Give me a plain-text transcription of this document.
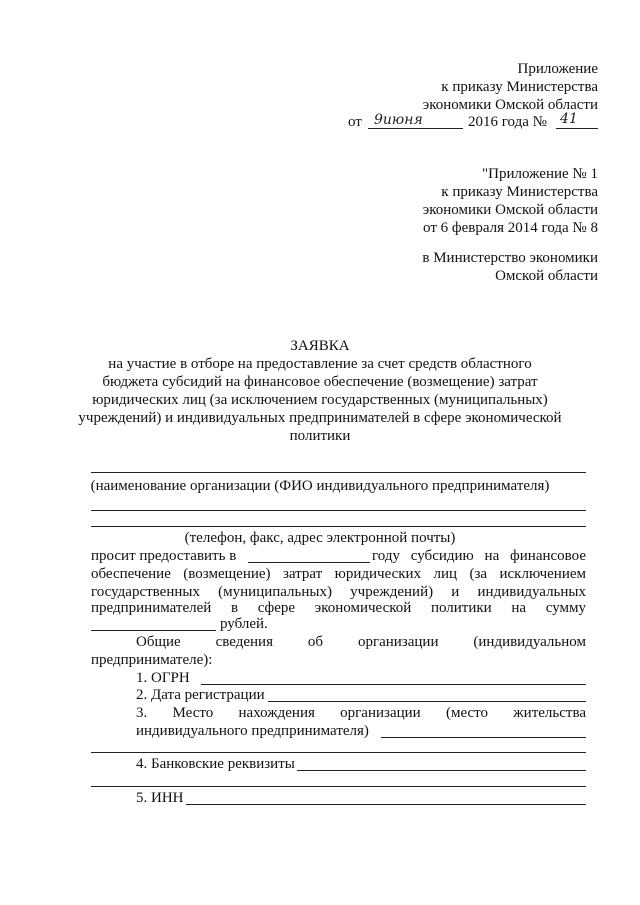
Приложение
к приказу Министерства
экономики Омской области
от 9июня	2016 года № 41
"Приложение № 1
к приказу Министерства
экономики Омской области
от 6 февраля 2014 года № 8
в Министерство экономики
Омской области
ЗАЯВКА
на участие в отборе на предоставление за счет средств областного
бюджета субсидий на финансовое обеспечение (возмещение) затрат
юридических лиц (за исключением государственных (муниципальных)
учреждений) и индивидуальных предпринимателей в сфере экономической
политики
(наименование организации (ФИО индивидуального предпринимателя)
(телефон, факс, адрес электронной почты)
просит предоставить в	году субсидию на финансовое
обеспечение (возмещение) затрат юридических лиц (за исключением
государственных (муниципальных) учреждений) и индивидуальных
предпринимателей в сфере экономической политики на сумму
рублей.
Общие сведения об организации (индивидуальном
предпринимателе):
1. ОГРН
2. Дата регистрации
3. Место нахождения организации (место жительства
индивидуального предпринимателя)
4. Банковские реквизиты
5. ИНН
